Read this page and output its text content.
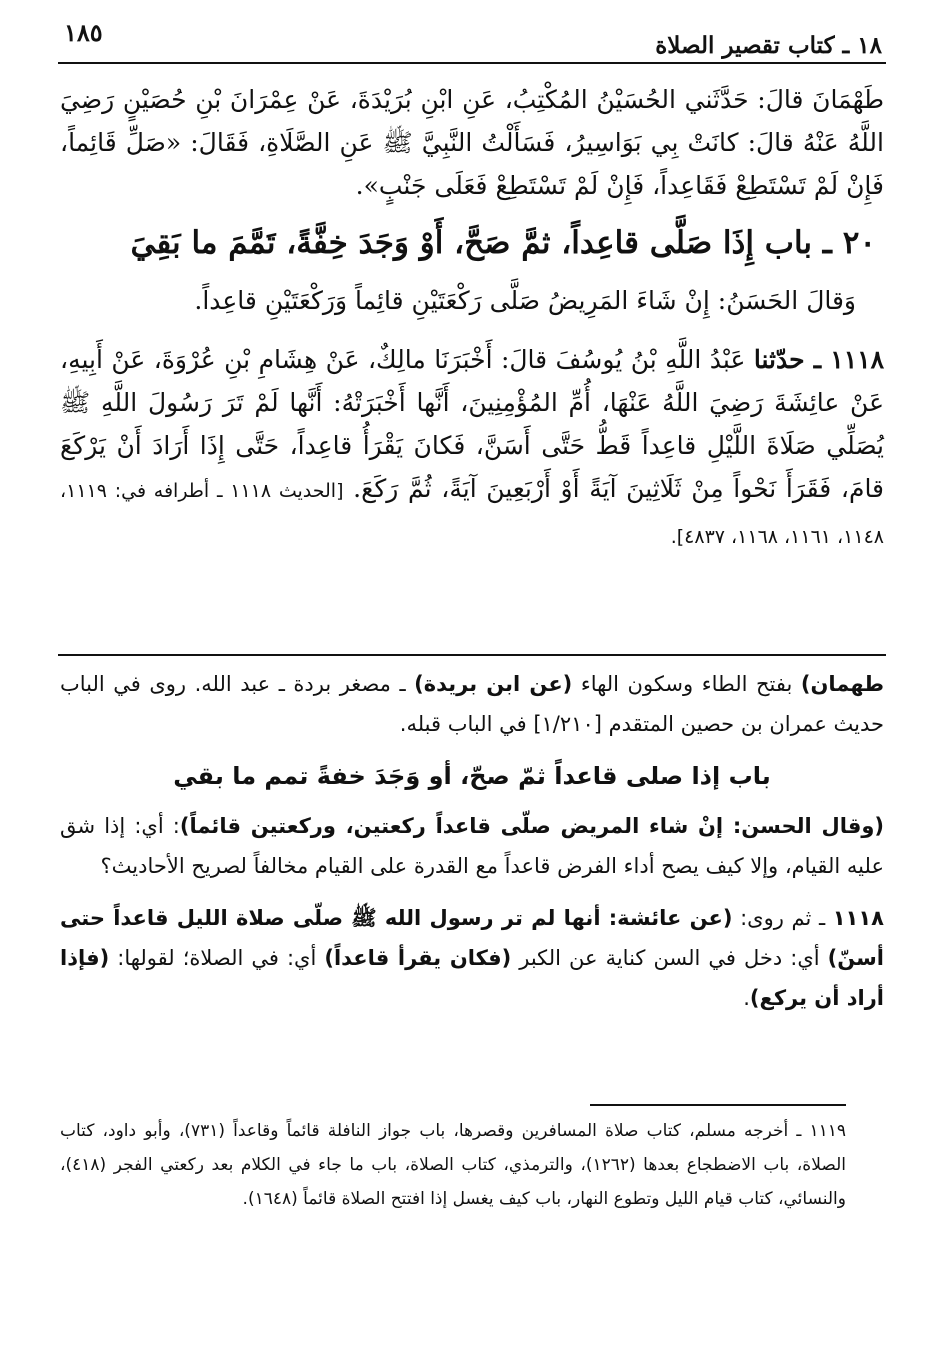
١٨٥	١٨ ـ كتاب تقصير الصلاة

طَهْمَانَ قالَ: حَدَّثَني الحُسَيْنُ المُكْتِبُ، عَنِ ابْنِ بُرَيْدَةَ، عَنْ عِمْرَانَ بْنِ حُصَيْنٍ رَضِيَ اللَّهُ عَنْهُ قالَ: كانَتْ بِي بَوَاسِيرُ، فَسَأَلْتُ النَّبِيَّ ﷺ عَنِ الصَّلَاةِ، فَقَالَ: «صَلِّ قَائِماً، فَإِنْ لَمْ تَسْتَطِعْ فَقَاعِداً، فَإِنْ لَمْ تَسْتَطِعْ فَعَلَى جَنْبٍ».

٢٠ ـ باب إِذَا صَلَّى قاعِداً، ثمَّ صَحَّ، أَوْ وَجَدَ خِفَّةً، تَمَّمَ ما بَقِيَ

وَقالَ الحَسَنُ: إِنْ شَاءَ المَرِيضُ صَلَّى رَكْعَتَيْنِ قائِماً وَرَكْعَتَيْنِ قاعِداً.

١١١٨ ـ حدّثنا عَبْدُ اللَّهِ بْنُ يُوسُفَ قالَ: أَخْبَرَنَا مالِكٌ، عَنْ هِشَامِ بْنِ عُرْوَةَ، عَنْ أَبِيهِ، عَنْ عائِشَةَ رَضِيَ اللَّهُ عَنْهَا، أُمِّ المُؤْمِنِينَ، أَنَّها أَخْبَرَتْهُ: أَنَّها لَمْ تَرَ رَسُولَ اللَّهِ ﷺ يُصَلِّي صَلَاةَ اللَّيْلِ قاعِداً قَطُّ حَتَّى أَسَنَّ، فَكانَ يَقْرَأُ قاعِداً، حَتَّى إِذَا أَرَادَ أَنْ يَرْكَعَ قامَ، فَقَرَأَ نَحْواً مِنْ ثَلَاثِينَ آيَةً أَوْ أَرْبَعِينَ آيَةً، ثُمَّ رَكَعَ. [الحديث ١١١٨ ـ أطرافه في: ١١١٩، ١١٤٨، ١١٦١، ١١٦٨، ٤٨٣٧].

طهمان) بفتح الطاء وسكون الهاء (عن ابن بريدة) ـ مصغر بردة ـ عبد الله. روى في الباب حديث عمران بن حصين المتقدم [١/٢١٠] في الباب قبله.

باب إذا صلى قاعداً ثمّ صحّ، أو وَجَدَ خفةً تمم ما بقي

(وقال الحسن: إنْ شاء المريض صلّى قاعداً ركعتين، وركعتين قائماً): أي: إذا شق عليه القيام، وإلا كيف يصح أداء الفرض قاعداً مع القدرة على القيام مخالفاً لصريح الأحاديث؟

١١١٨ ـ ثم روى: (عن عائشة: أنها لم تر رسول الله ﷺ صلّى صلاة الليل قاعداً حتى أسنّ) أي: دخل في السن كناية عن الكبر (فكان يقرأ قاعداً) أي: في الصلاة؛ لقولها: (فإذا أراد أن يركع).

١١١٩ ـ أخرجه مسلم، كتاب صلاة المسافرين وقصرها، باب جواز النافلة قائماً وقاعداً (٧٣١)، وأبو داود، كتاب الصلاة، باب الاضطجاع بعدها (١٢٦٢)، والترمذي، كتاب الصلاة، باب ما جاء في الكلام بعد ركعتي الفجر (٤١٨)، والنسائي، كتاب قيام الليل وتطوع النهار، باب كيف يغسل إذا افتتح الصلاة قائماً (١٦٤٨).
